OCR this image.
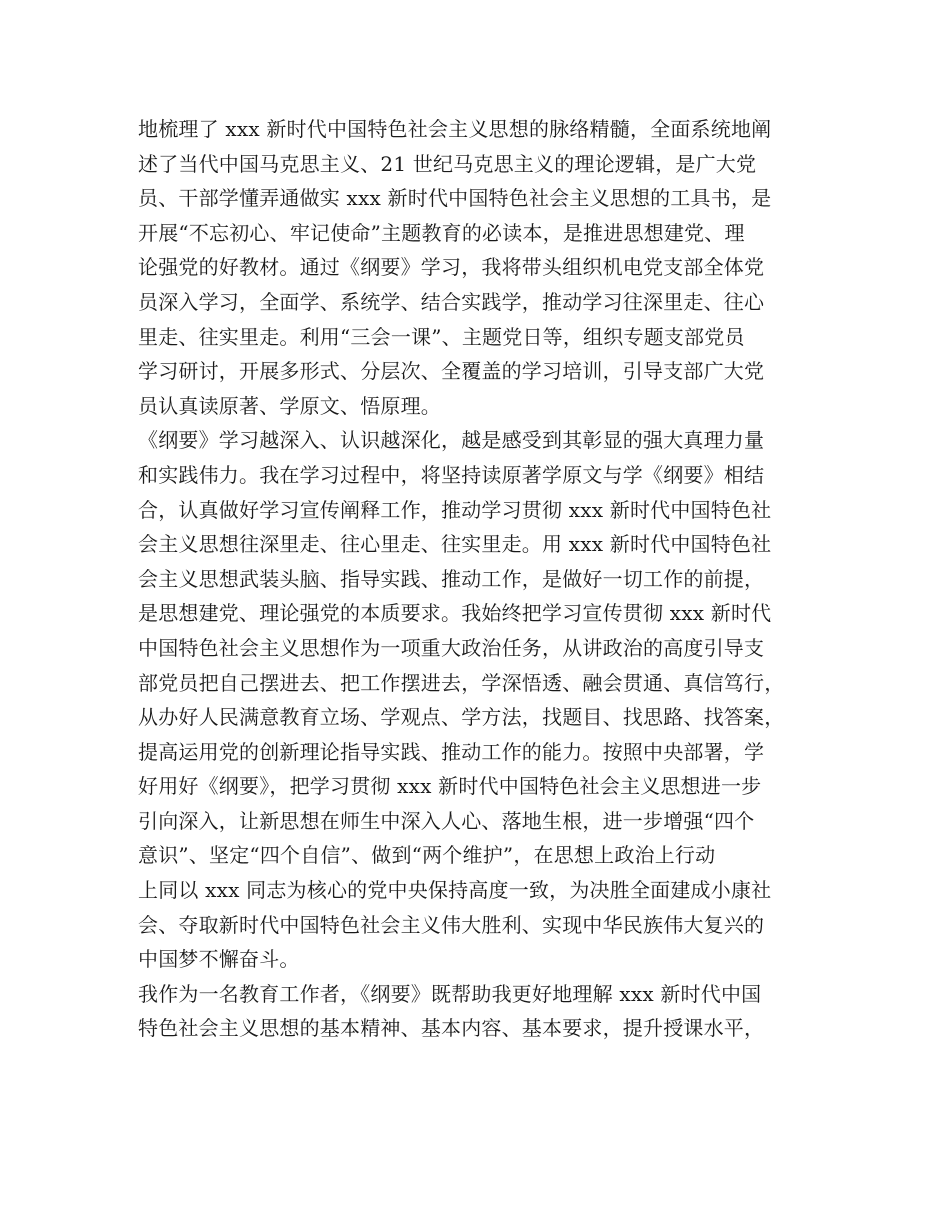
地梳理了 xxx 新时代中国特色社会主义思想的脉络精髓，全面系统地阐
述了当代中国马克思主义、21 世纪马克思主义的理论逻辑，是广大党
员、干部学懂弄通做实 xxx 新时代中国特色社会主义思想的工具书，是
开展“不忘初心、牢记使命”主题教育的必读本，是推进思想建党、理
论强党的好教材。通过《纲要》学习，我将带头组织机电党支部全体党
员深入学习，全面学、系统学、结合实践学，推动学习往深里走、往心
里走、往实里走。利用“三会一课”、主题党日等，组织专题支部党员
学习研讨，开展多形式、分层次、全覆盖的学习培训，引导支部广大党
员认真读原著、学原文、悟原理。
《纲要》学习越深入、认识越深化，越是感受到其彰显的强大真理力量
和实践伟力。我在学习过程中，将坚持读原著学原文与学《纲要》相结
合，认真做好学习宣传阐释工作，推动学习贯彻 xxx 新时代中国特色社
会主义思想往深里走、往心里走、往实里走。用 xxx 新时代中国特色社
会主义思想武装头脑、指导实践、推动工作，是做好一切工作的前提，
是思想建党、理论强党的本质要求。我始终把学习宣传贯彻 xxx 新时代
中国特色社会主义思想作为一项重大政治任务，从讲政治的高度引导支
部党员把自己摆进去、把工作摆进去，学深悟透、融会贯通、真信笃行，
从办好人民满意教育立场、学观点、学方法，找题目、找思路、找答案，
提高运用党的创新理论指导实践、推动工作的能力。按照中央部署，学
好用好《纲要》，把学习贯彻 xxx 新时代中国特色社会主义思想进一步
引向深入，让新思想在师生中深入人心、落地生根，进一步增强“四个
意识”、坚定“四个自信”、做到“两个维护”，在思想上政治上行动
上同以 xxx 同志为核心的党中央保持高度一致，为决胜全面建成小康社
会、夺取新时代中国特色社会主义伟大胜利、实现中华民族伟大复兴的
中国梦不懈奋斗。
我作为一名教育工作者，《纲要》既帮助我更好地理解 xxx 新时代中国
特色社会主义思想的基本精神、基本内容、基本要求，提升授课水平，
